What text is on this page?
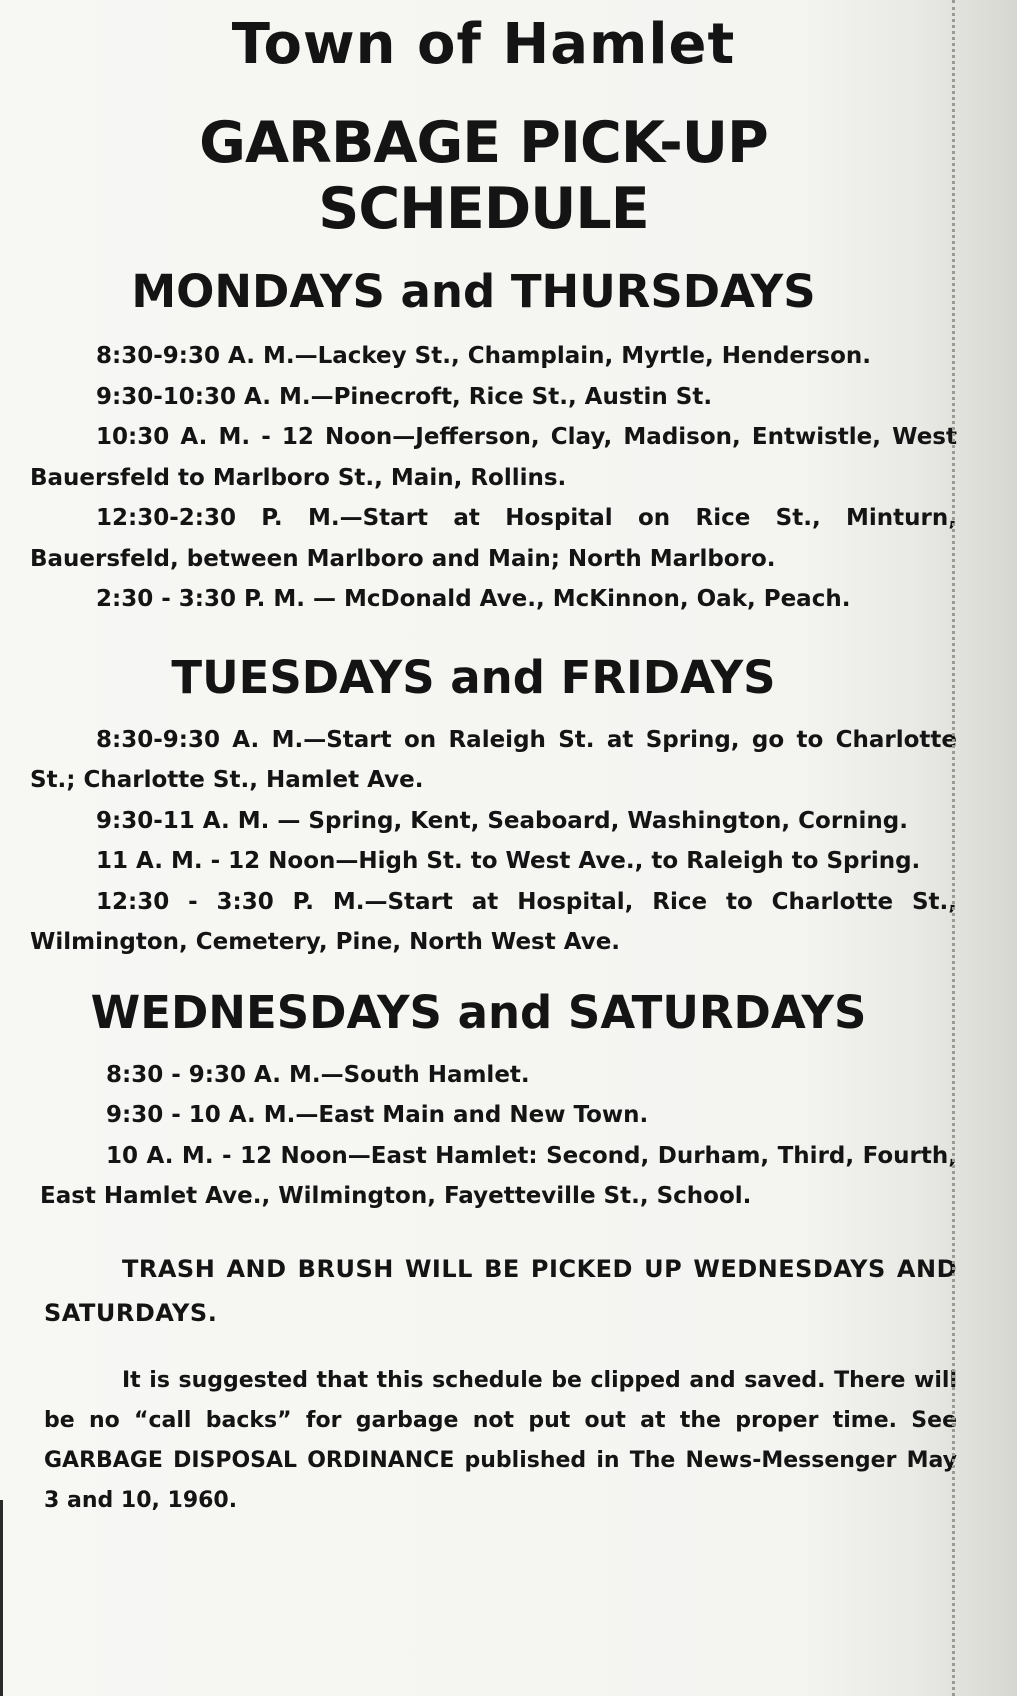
Town of Hamlet
GARBAGE PICK-UP SCHEDULE
MONDAYS and THURSDAYS

8:30-9:30 A. M.—Lackey St., Champlain, Myrtle, Henderson.

9:30-10:30 A. M.—Pinecroft, Rice St., Austin St.

10:30 A. M. - 12 Noon—Jefferson, Clay, Madison, Entwistle, West Bauersfeld to Marlboro St., Main, Rollins.

12:30-2:30 P. M.—Start at Hospital on Rice St., Minturn, Bauersfeld, between Marlboro and Main; North Marlboro.

2:30 - 3:30 P. M. — McDonald Ave., McKinnon, Oak, Peach.

TUESDAYS and FRIDAYS

8:30-9:30 A. M.—Start on Raleigh St. at Spring, go to Charlotte St.; Charlotte St., Hamlet Ave.

9:30-11 A. M. — Spring, Kent, Seaboard, Washington, Corning.

11 A. M. - 12 Noon—High St. to West Ave., to Raleigh to Spring.

12:30 - 3:30 P. M.—Start at Hospital, Rice to Charlotte St., Wilmington, Cemetery, Pine, North West Ave.

WEDNESDAYS and SATURDAYS

8:30 - 9:30 A. M.—South Hamlet.

9:30 - 10 A. M.—East Main and New Town.

10 A. M. - 12 Noon—East Hamlet: Second, Durham, Third, Fourth, East Hamlet Ave., Wilmington, Fayetteville St., School.

TRASH AND BRUSH WILL BE PICKED UP WEDNESDAYS AND SATURDAYS.

It is suggested that this schedule be clipped and saved. There will be no “call backs” for garbage not put out at the proper time. See GARBAGE DISPOSAL ORDINANCE published in The News-Messenger May 3 and 10, 1960.
